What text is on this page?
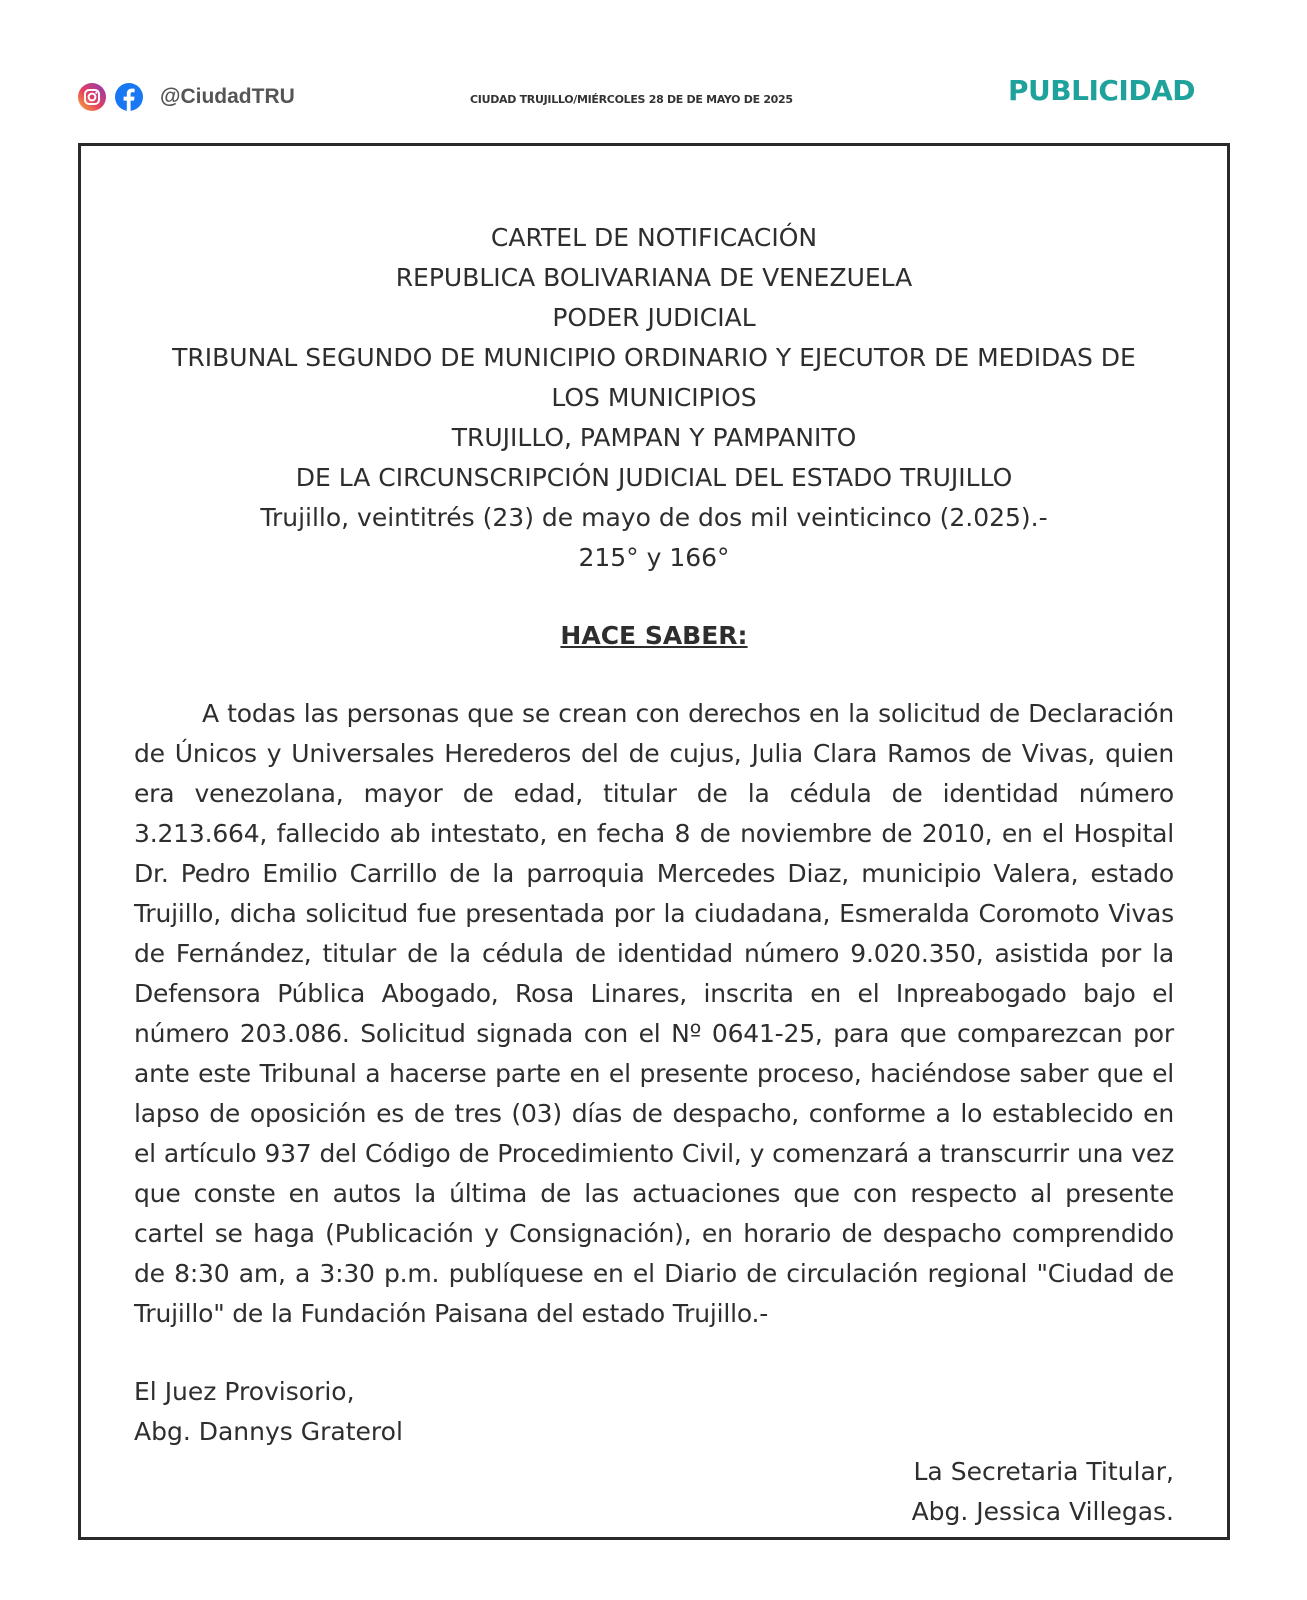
@CiudadTRU	CIUDAD TRUJILLO/MIÉRCOLES 28 DE DE MAYO DE 2025	PUBLICIDAD
CARTEL DE NOTIFICACIÓN
REPUBLICA BOLIVARIANA DE VENEZUELA
PODER JUDICIAL
TRIBUNAL SEGUNDO DE MUNICIPIO ORDINARIO Y EJECUTOR DE MEDIDAS DE
LOS MUNICIPIOS
TRUJILLO, PAMPAN Y PAMPANITO
DE LA CIRCUNSCRIPCIÓN JUDICIAL DEL ESTADO TRUJILLO
Trujillo, veintitrés (23) de mayo de dos mil veinticinco (2.025).-
215° y 166°
HACE SABER:

A todas las personas que se crean con derechos en la solicitud de Declaración de Únicos y Universales Herederos del de cujus, Julia Clara Ramos de Vivas, quien era venezolana, mayor de edad, titular de la cédula de identidad número 3.213.664, fallecido ab intestato, en fecha 8 de noviembre de 2010, en el Hospital Dr. Pedro Emilio Carrillo de la parroquia Mercedes Diaz, municipio Valera, estado Trujillo, dicha solicitud fue presentada por la ciudadana, Esmeralda Coromoto Vivas de Fernández, titular de la cédula de identidad número 9.020.350, asistida por la Defensora Pública Abogado, Rosa Linares, inscrita en el Inpreabogado bajo el número 203.086. Solicitud signada con el Nº 0641-25, para que comparezcan por ante este Tribunal a hacerse parte en el presente proceso, haciéndose saber que el lapso de oposición es de tres (03) días de despacho, conforme a lo establecido en el artículo 937 del Código de Procedimiento Civil, y comenzará a transcurrir una vez que conste en autos la última de las actuaciones que con respecto al presente cartel se haga (Publicación y Consignación), en horario de despacho comprendido de 8:30 am, a 3:30 p.m. publíquese en el Diario de circulación regional "Ciudad de Trujillo" de la Fundación Paisana del estado Trujillo.-

El Juez Provisorio,
Abg. Dannys Graterol
La Secretaria Titular,
Abg. Jessica Villegas.
